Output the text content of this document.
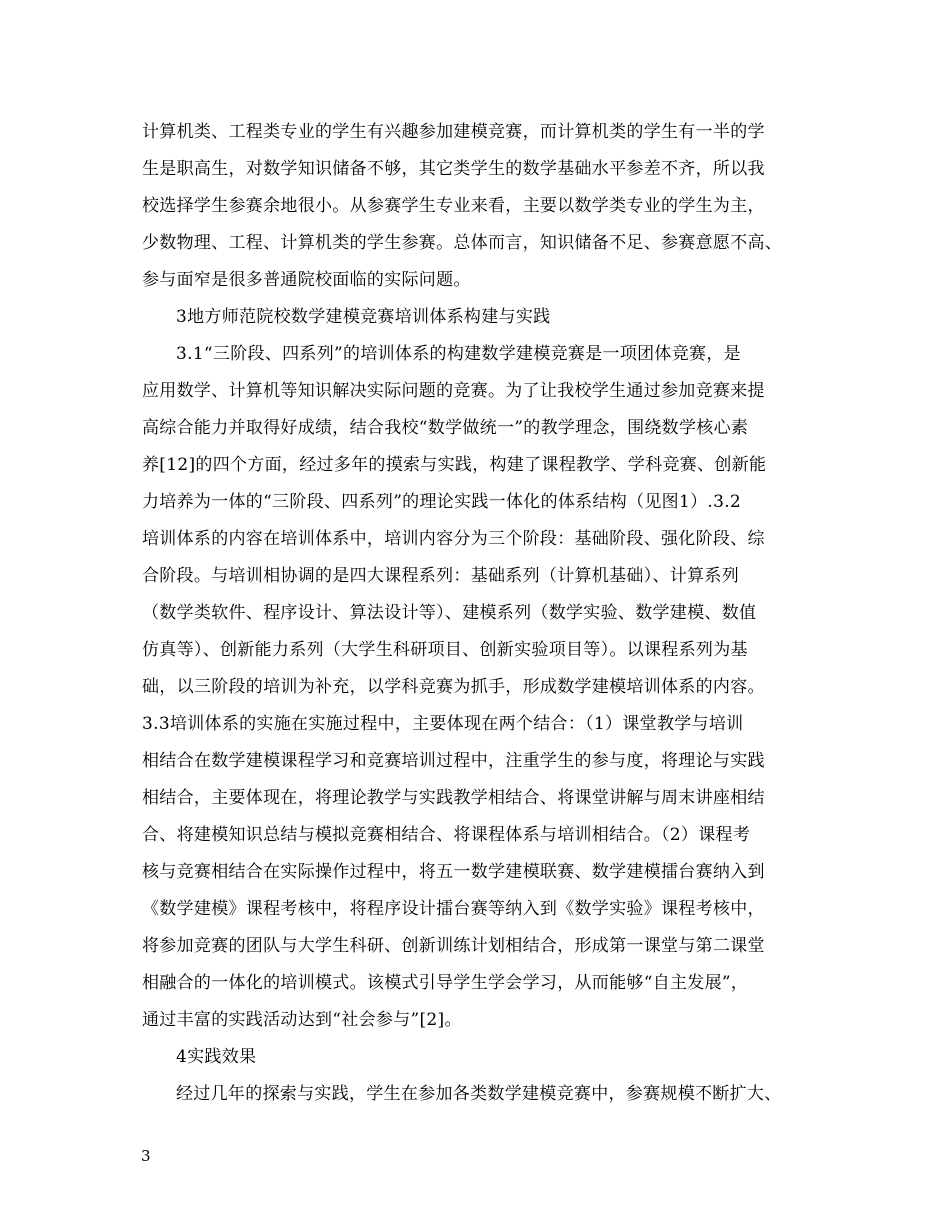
计算机类、工程类专业的学生有兴趣参加建模竞赛，而计算机类的学生有一半的学
生是职高生，对数学知识储备不够，其它类学生的数学基础水平参差不齐，所以我
校选择学生参赛余地很小。从参赛学生专业来看，主要以数学类专业的学生为主，
少数物理、工程、计算机类的学生参赛。总体而言，知识储备不足、参赛意愿不高、
参与面窄是很多普通院校面临的实际问题。
3地方师范院校数学建模竞赛培训体系构建与实践
3.1“三阶段、四系列”的培训体系的构建数学建模竞赛是一项团体竞赛，是
应用数学、计算机等知识解决实际问题的竞赛。为了让我校学生通过参加竞赛来提
高综合能力并取得好成绩，结合我校“数学做统一”的教学理念，围绕数学核心素
养[12]的四个方面，经过多年的摸索与实践，构建了课程教学、学科竞赛、创新能
力培养为一体的“三阶段、四系列”的理论实践一体化的体系结构（见图1）.3.2
培训体系的内容在培训体系中，培训内容分为三个阶段：基础阶段、强化阶段、综
合阶段。与培训相协调的是四大课程系列：基础系列（计算机基础）、计算系列
（数学类软件、程序设计、算法设计等）、建模系列（数学实验、数学建模、数值
仿真等）、创新能力系列（大学生科研项目、创新实验项目等）。以课程系列为基
础，以三阶段的培训为补充，以学科竞赛为抓手，形成数学建模培训体系的内容。
3.3培训体系的实施在实施过程中，主要体现在两个结合：（1）课堂教学与培训
相结合在数学建模课程学习和竞赛培训过程中，注重学生的参与度，将理论与实践
相结合，主要体现在，将理论教学与实践教学相结合、将课堂讲解与周末讲座相结
合、将建模知识总结与模拟竞赛相结合、将课程体系与培训相结合。（2）课程考
核与竞赛相结合在实际操作过程中，将五一数学建模联赛、数学建模擂台赛纳入到
《数学建模》课程考核中，将程序设计擂台赛等纳入到《数学实验》课程考核中，
将参加竞赛的团队与大学生科研、创新训练计划相结合，形成第一课堂与第二课堂
相融合的一体化的培训模式。该模式引导学生学会学习，从而能够“自主发展”，
通过丰富的实践活动达到“社会参与”[2]。
4实践效果
经过几年的探索与实践，学生在参加各类数学建模竞赛中，参赛规模不断扩大、
3
